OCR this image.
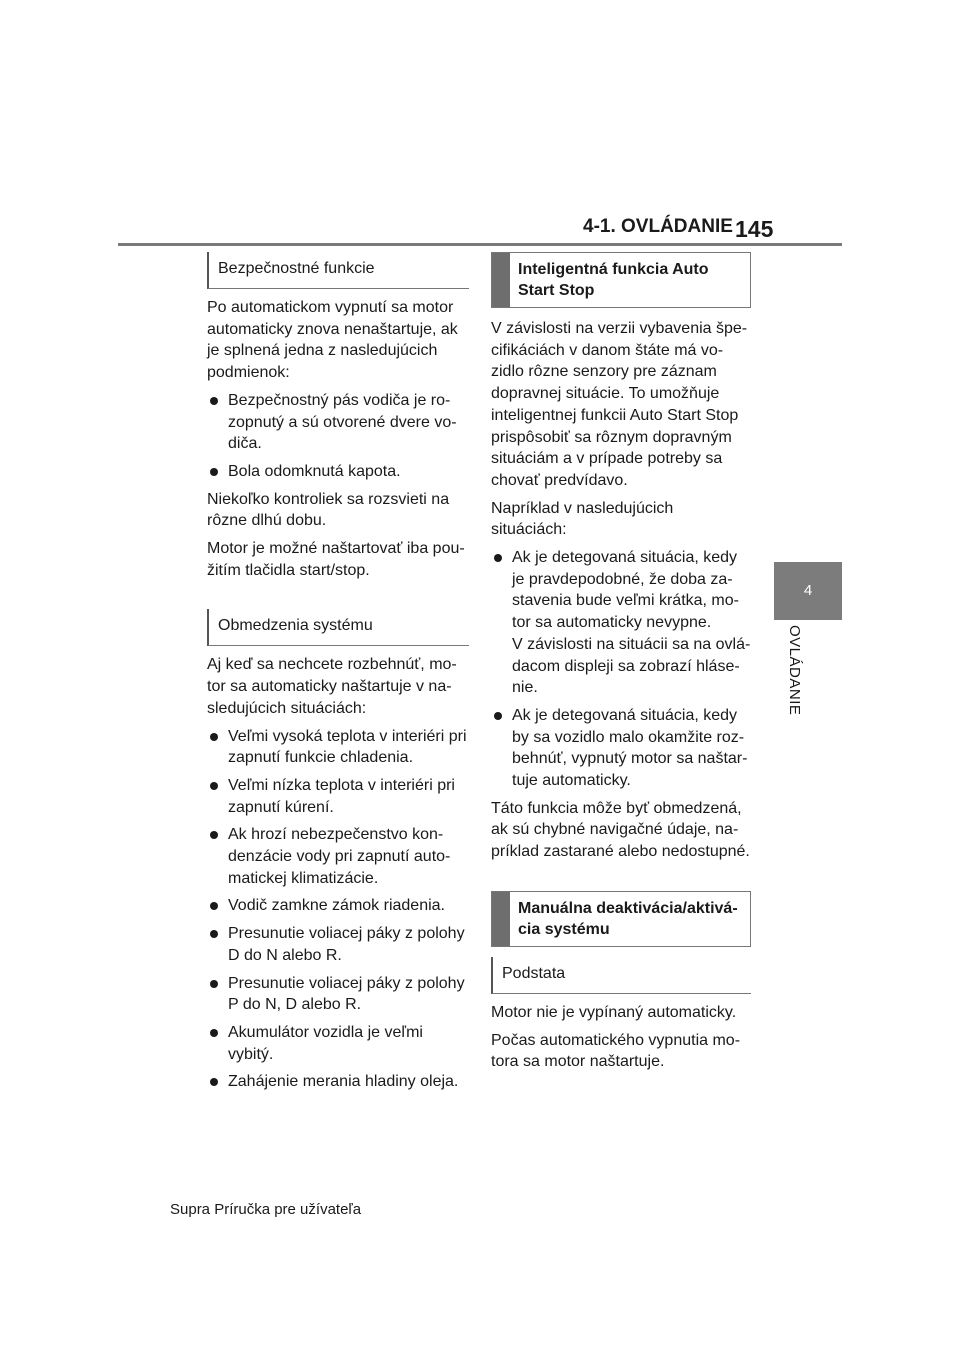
4-1. OVLÁDANIE 145
4
OVLÁDANIE
Bezpečnostné funkcie

Po automatickom vypnutí sa motor automaticky znova nenaštartuje, ak je splnená jedna z nasledujúcich podmienok:

Bezpečnostný pás vodiča je ro-zopnutý a sú otvorené dvere vo-diča.
Bola odomknutá kapota.

Niekoľko kontroliek sa rozsvieti na rôzne dlhú dobu.

Motor je možné naštartovať iba pou-žitím tlačidla start/stop.

Obmedzenia systému

Aj keď sa nechcete rozbehnúť, mo-tor sa automaticky naštartuje v na-sledujúcich situáciách:

Veľmi vysoká teplota v interiéri pri zapnutí funkcie chladenia.
Veľmi nízka teplota v interiéri pri zapnutí kúrení.
Ak hrozí nebezpečenstvo kon-denzácie vody pri zapnutí auto-matickej klimatizácie.
Vodič zamkne zámok riadenia.
Presunutie voliacej páky z polohy D do N alebo R.
Presunutie voliacej páky z polohy P do N, D alebo R.
Akumulátor vozidla je veľmi vybitý.
Zahájenie merania hladiny oleja.
Inteligentná funkcia Auto Start Stop

V závislosti na verzii vybavenia špe-cifikáciách v danom štáte má vo-zidlo rôzne senzory pre záznam dopravnej situácie. To umožňuje inteligentnej funkcii Auto Start Stop prispôsobiť sa rôznym dopravným situáciám a v prípade potreby sa chovať predvídavo.

Napríklad v nasledujúcich situáciách:

Ak je detegovaná situácia, kedy je pravdepodobné, že doba za-stavenia bude veľmi krátka, mo-tor sa automaticky nevypne.
V závislosti na situácii sa na ovlá-dacom displeji sa zobrazí hláse-nie.
Ak je detegovaná situácia, kedy by sa vozidlo malo okamžite roz-behnúť, vypnutý motor sa naštar-tuje automaticky.

Táto funkcia môže byť obmedzená, ak sú chybné navigačné údaje, na-príklad zastarané alebo nedostupné.

Manuálna deaktivácia/aktivá-cia systému
Podstata

Motor nie je vypínaný automaticky.

Počas automatického vypnutia mo-tora sa motor naštartuje.

Supra Príručka pre užívateľa
